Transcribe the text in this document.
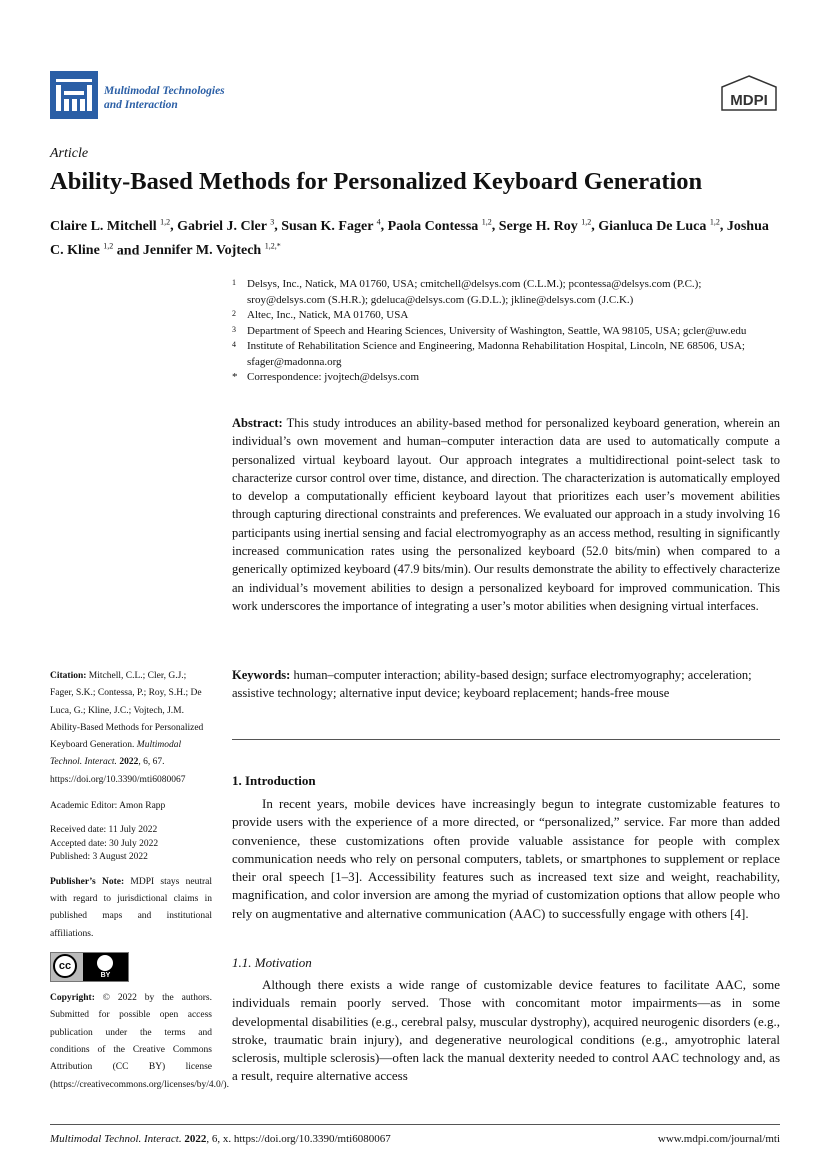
Multimodal Technologies
and Interaction	MDPI
Article
Ability-Based Methods for Personalized Keyboard Generation
Claire L. Mitchell $^{1,2}$, Gabriel J. Cler $^3$, Susan K. Fager $^4$, Paola Contessa $^{1,2}$, Serge H. Roy $^{1,2}$, Gianluca De Luca $^{1,2}$, Joshua C. Kline $^{1,2}$ and Jennifer M. Vojtech $^{1,2,*}$
1 Delsys, Inc., Natick, MA 01760, USA; cmitchell@delsys.com (C.L.M.); pcontessa@delsys.com (P.C.); sroy@delsys.com (S.H.R.); gdeluca@delsys.com (G.D.L.); jkline@delsys.com (J.C.K.)
2 Altec, Inc., Natick, MA 01760, USA
3 Department of Speech and Hearing Sciences, University of Washington, Seattle, WA 98105, USA; gcler@uw.edu
4 Institute of Rehabilitation Science and Engineering, Madonna Rehabilitation Hospital, Lincoln, NE 68506, USA; sfager@madonna.org
* Correspondence: jvojtech@delsys.com
Abstract: This study introduces an ability-based method for personalized keyboard generation, wherein an individual’s own movement and human–computer interaction data are used to automatically compute a personalized virtual keyboard layout. Our approach integrates a multidirectional point-select task to characterize cursor control over time, distance, and direction. The characterization is automatically employed to develop a computationally efficient keyboard layout that prioritizes each user’s movement abilities through capturing directional constraints and preferences. We evaluated our approach in a study involving 16 participants using inertial sensing and facial electromyography as an access method, resulting in significantly increased communication rates using the personalized keyboard (52.0 bits/min) when compared to a generically optimized keyboard (47.9 bits/min). Our results demonstrate the ability to effectively characterize an individual’s movement abilities to design a personalized keyboard for improved communication. This work underscores the importance of integrating a user’s motor abilities when designing virtual interfaces.
Keywords: human–computer interaction; ability-based design; surface electromyography; acceleration; assistive technology; alternative input device; keyboard replacement; hands-free mouse
1. Introduction
In recent years, mobile devices have increasingly begun to integrate customizable features to provide users with the experience of a more directed, or “personalized,” service. Far more than added convenience, these customizations often provide valuable assistance for people with complex communication needs who rely on personal computers, tablets, or smartphones to supplement or replace their oral speech [1–3]. Accessibility features such as increased text size and weight, reachability, magnification, and color inversion are among the myriad of customization options that allow people who rely on augmentative and alternative communication (AAC) to successfully engage with others [4].
1.1. Motivation
Although there exists a wide range of customizable device features to facilitate AAC, some individuals remain poorly served. Those with concomitant motor impairments—as in some developmental disabilities (e.g., cerebral palsy, muscular dystrophy), acquired neurogenic disorders (e.g., stroke, traumatic brain injury), and degenerative neurological conditions (e.g., amyotrophic lateral sclerosis, multiple sclerosis)—often lack the manual dexterity needed to control AAC technology and, as a result, require alternative access
Citation: Mitchell, C.L.; Cler, G.J.; Fager, S.K.; Contessa, P.; Roy, S.H.; De Luca, G.; Kline, J.C.; Vojtech, J.M. Ability-Based Methods for Personalized Keyboard Generation. Multimodal Technol. Interact. 2022, 6, 67. https://doi.org/10.3390/mti6080067
Academic Editor: Amon Rapp
Received date: 11 July 2022
Accepted date: 30 July 2022
Published: 3 August 2022
Publisher’s Note: MDPI stays neutral with regard to jurisdictional claims in published maps and institutional affiliations.
cc
BY
Copyright: © 2022 by the authors. Submitted for possible open access publication under the terms and conditions of the Creative Commons Attribution (CC BY) license (https://creativecommons.org/licenses/by/4.0/).
Multimodal Technol. Interact. 2022, 6, x. https://doi.org/10.3390/mti6080067	www.mdpi.com/journal/mti
